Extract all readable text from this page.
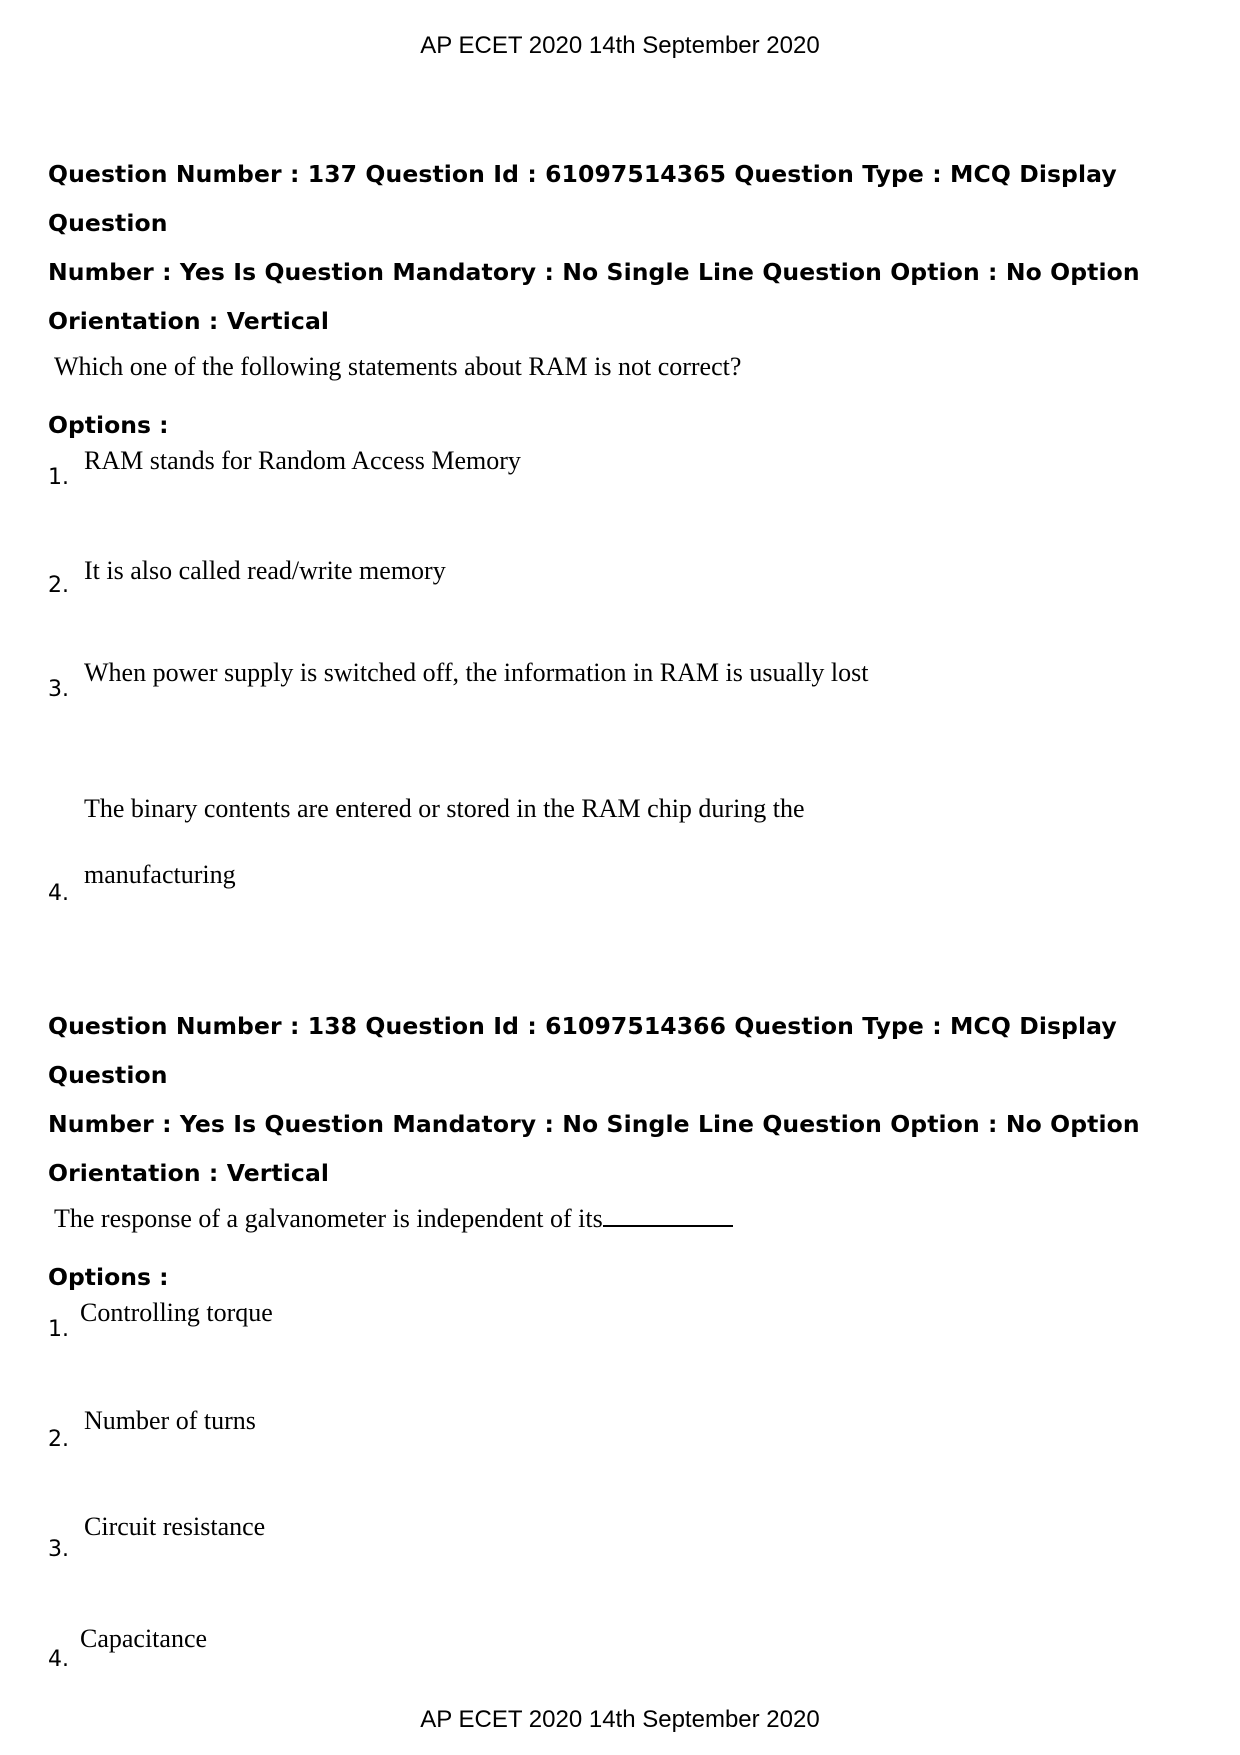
AP ECET 2020 14th September 2020
Question Number : 137 Question Id : 61097514365 Question Type : MCQ Display Question
Number : Yes Is Question Mandatory : No Single Line Question Option : No Option
Orientation : Vertical
Which one of the following statements about RAM is not correct?
Options :
1.
RAM stands for Random Access Memory
2.
It is also called read/write memory
3.
When power supply is switched off, the information in RAM is usually lost
The binary contents are entered or stored in the RAM chip during the
manufacturing
4.
Question Number : 138 Question Id : 61097514366 Question Type : MCQ Display Question
Number : Yes Is Question Mandatory : No Single Line Question Option : No Option
Orientation : Vertical
The response of a galvanometer is independent of its
Options :
1.
Controlling torque
2.
Number of turns
3.
Circuit resistance
4.
Capacitance
AP ECET 2020 14th September 2020
